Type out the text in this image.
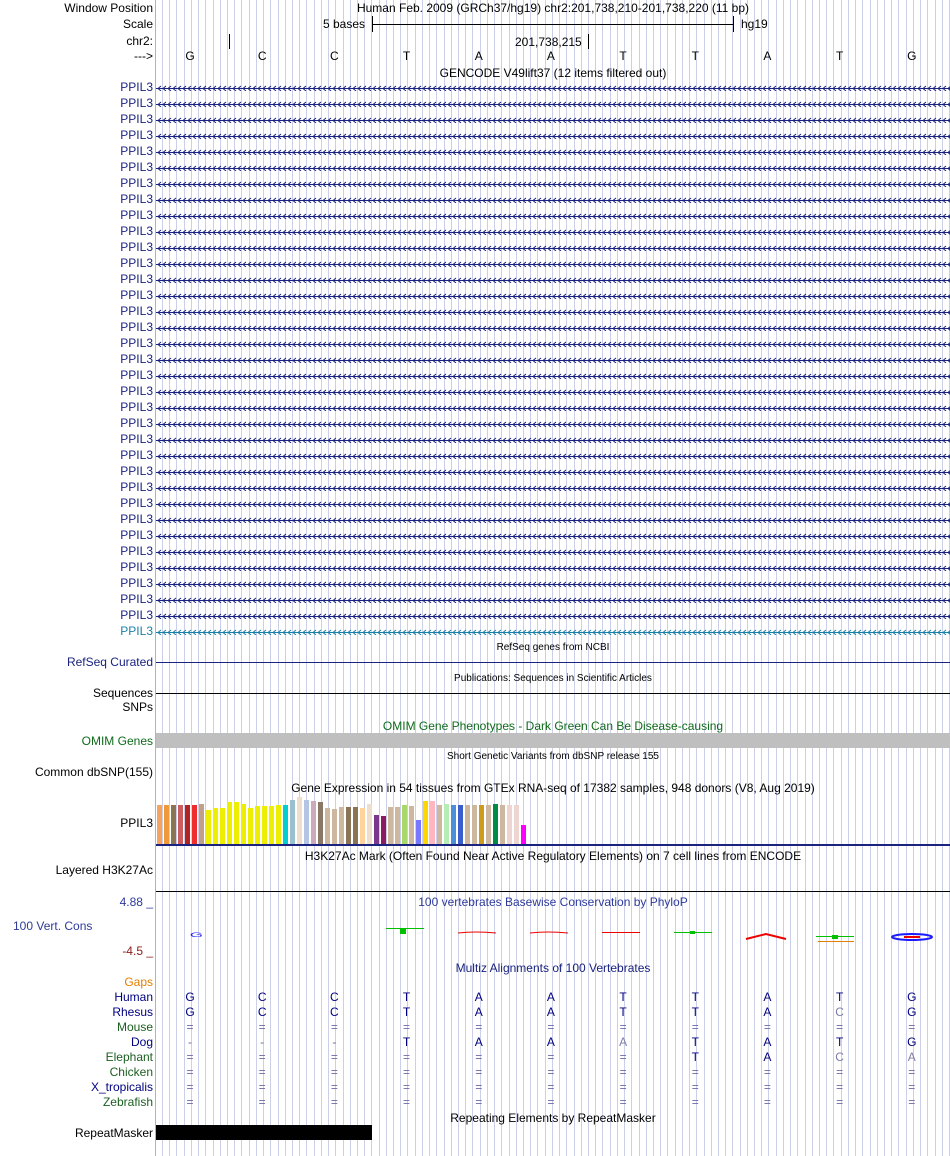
Window Position	Human Feb. 2009 (GRCh37/hg19) chr2:201,738,210-201,738,220 (11 bp)
Scale	5 bases	hg19
chr2:	201,738,215
--->	G	C	C	T	A	A	T	T	A	T	G
GENCODE V49lift37 (12 items filtered out)
PPIL3
PPIL3
PPIL3
PPIL3
PPIL3
PPIL3
PPIL3
PPIL3
PPIL3
PPIL3
PPIL3
PPIL3
PPIL3
PPIL3
PPIL3
PPIL3
PPIL3
PPIL3
PPIL3
PPIL3
PPIL3
PPIL3
PPIL3
PPIL3
PPIL3
PPIL3
PPIL3
PPIL3
PPIL3
PPIL3
PPIL3
PPIL3
PPIL3
PPIL3
PPIL3
RefSeq genes from NCBI
RefSeq Curated
Publications: Sequences in Scientific Articles
Sequences
SNPs
OMIM Gene Phenotypes - Dark Green Can Be Disease-causing
OMIM Genes
Short Genetic Variants from dbSNP release 155
Common dbSNP(155)
Gene Expression in 54 tissues from GTEx RNA-seq of 17382 samples, 948 donors (V8, Aug 2019)
PPIL3
H3K27Ac Mark (Often Found Near Active Regulatory Elements) on 7 cell lines from ENCODE
Layered H3K27Ac
100 vertebrates Basewise Conservation by PhyloP
4.88 _
100 Vert. Cons
-4.5 _
G
Multiz Alignments of 100 Vertebrates
Gaps
Human	G	C	C	T	A	A	T	T	A	T	G
Rhesus	G	C	C	T	A	A	T	T	A	C	G
Mouse	=	=	=	=	=	=	=	=	=	=	=
Dog	-	-	-	T	A	A	A	T	A	T	G
Elephant	=	=	=	=	=	=	=	T	A	C	A
Chicken	=	=	=	=	=	=	=	=	=	=	=
X_tropicalis	=	=	=	=	=	=	=	=	=	=	=
Zebrafish	=	=	=	=	=	=	=	=	=	=	=
Repeating Elements by RepeatMasker
RepeatMasker
